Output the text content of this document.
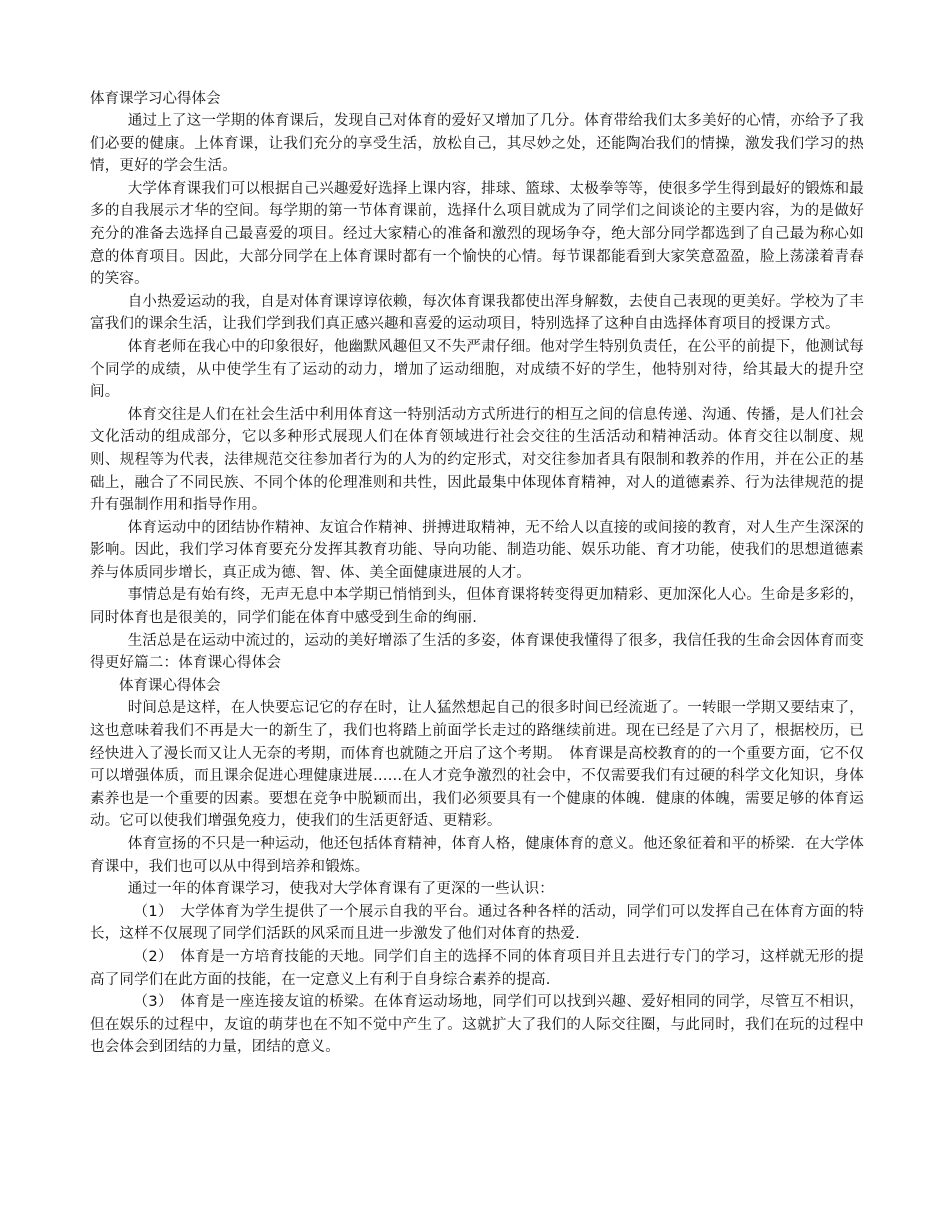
体育课学习心得体会

通过上了这一学期的体育课后，发现自己对体育的爱好又增加了几分。体育带给我们太多美好的心情，亦给予了我们必要的健康。上体育课，让我们充分的享受生活，放松自己，其尽妙之处，还能陶冶我们的情操，激发我们学习的热情，更好的学会生活。

大学体育课我们可以根据自己兴趣爱好选择上课内容，排球、篮球、太极拳等等，使很多学生得到最好的锻炼和最多的自我展示才华的空间。每学期的第一节体育课前，选择什么项目就成为了同学们之间谈论的主要内容，为的是做好充分的准备去选择自己最喜爱的项目。经过大家精心的准备和激烈的现场争夺，绝大部分同学都选到了自己最为称心如意的体育项目。因此，大部分同学在上体育课时都有一个愉快的心情。每节课都能看到大家笑意盈盈，脸上荡漾着青春的笑容。

自小热爱运动的我，自是对体育课谆谆依赖，每次体育课我都使出浑身解数，去使自己表现的更美好。学校为了丰富我们的课余生活，让我们学到我们真正感兴趣和喜爱的运动项目，特别选择了这种自由选择体育项目的授课方式。

体育老师在我心中的印象很好，他幽默风趣但又不失严肃仔细。他对学生特别负责任，在公平的前提下，他测试每个同学的成绩，从中使学生有了运动的动力，增加了运动细胞，对成绩不好的学生，他特别对待，给其最大的提升空间。

体育交往是人们在社会生活中利用体育这一特别活动方式所进行的相互之间的信息传递、沟通、传播，是人们社会文化活动的组成部分，它以多种形式展现人们在体育领域进行社会交往的生活活动和精神活动。体育交往以制度、规则、规程等为代表，法律规范交往参加者行为的人为的约定形式，对交往参加者具有限制和教养的作用，并在公正的基础上，融合了不同民族、不同个体的伦理准则和共性，因此最集中体现体育精神，对人的道德素养、行为法律规范的提升有强制作用和指导作用。

体育运动中的团结协作精神、友谊合作精神、拼搏进取精神，无不给人以直接的或间接的教育，对人生产生深深的影响。因此，我们学习体育要充分发挥其教育功能、导向功能、制造功能、娱乐功能、育才功能，使我们的思想道德素养与体质同步增长，真正成为德、智、体、美全面健康进展的人才。

事情总是有始有终，无声无息中本学期已悄悄到头，但体育课将转变得更加精彩、更加深化人心。生命是多彩的，同时体育也是很美的，同学们能在体育中感受到生命的绚丽.

生活总是在运动中流过的，运动的美好增添了生活的多姿，体育课使我懂得了很多，我信任我的生命会因体育而变得更好篇二：体育课心得体会

体育课心得体会

时间总是这样，在人快要忘记它的存在时，让人猛然想起自己的很多时间已经流逝了。一转眼一学期又要结束了，这也意味着我们不再是大一的新生了，我们也将踏上前面学长走过的路继续前进。现在已经是了六月了，根据校历，已经快进入了漫长而又让人无奈的考期，而体育也就随之开启了这个考期。　体育课是高校教育的的一个重要方面，它不仅可以增强体质，而且课余促进心理健康进展……在人才竞争激烈的社会中，不仅需要我们有过硬的科学文化知识，身体素养也是一个重要的因素。要想在竞争中脱颖而出，我们必须要具有一个健康的体魄．健康的体魄，需要足够的体育运动。它可以使我们增强免疫力，使我们的生活更舒适、更精彩。

体育宣扬的不只是一种运动，他还包括体育精神，体育人格，健康体育的意义。他还象征着和平的桥梁．在大学体育课中，我们也可以从中得到培养和锻炼。

通过一年的体育课学习，使我对大学体育课有了更深的一些认识：

（1）　大学体育为学生提供了一个展示自我的平台。通过各种各样的活动，同学们可以发挥自己在体育方面的特长，这样不仅展现了同学们活跃的风采而且进一步激发了他们对体育的热爱.

（2）　体育是一方培育技能的天地。同学们自主的选择不同的体育项目并且去进行专门的学习，这样就无形的提高了同学们在此方面的技能，在一定意义上有利于自身综合素养的提高.

（3）　体育是一座连接友谊的桥梁。在体育运动场地，同学们可以找到兴趣、爱好相同的同学，尽管互不相识，但在娱乐的过程中，友谊的萌芽也在不知不觉中产生了。这就扩大了我们的人际交往圈，与此同时，我们在玩的过程中也会体会到团结的力量，团结的意义。
